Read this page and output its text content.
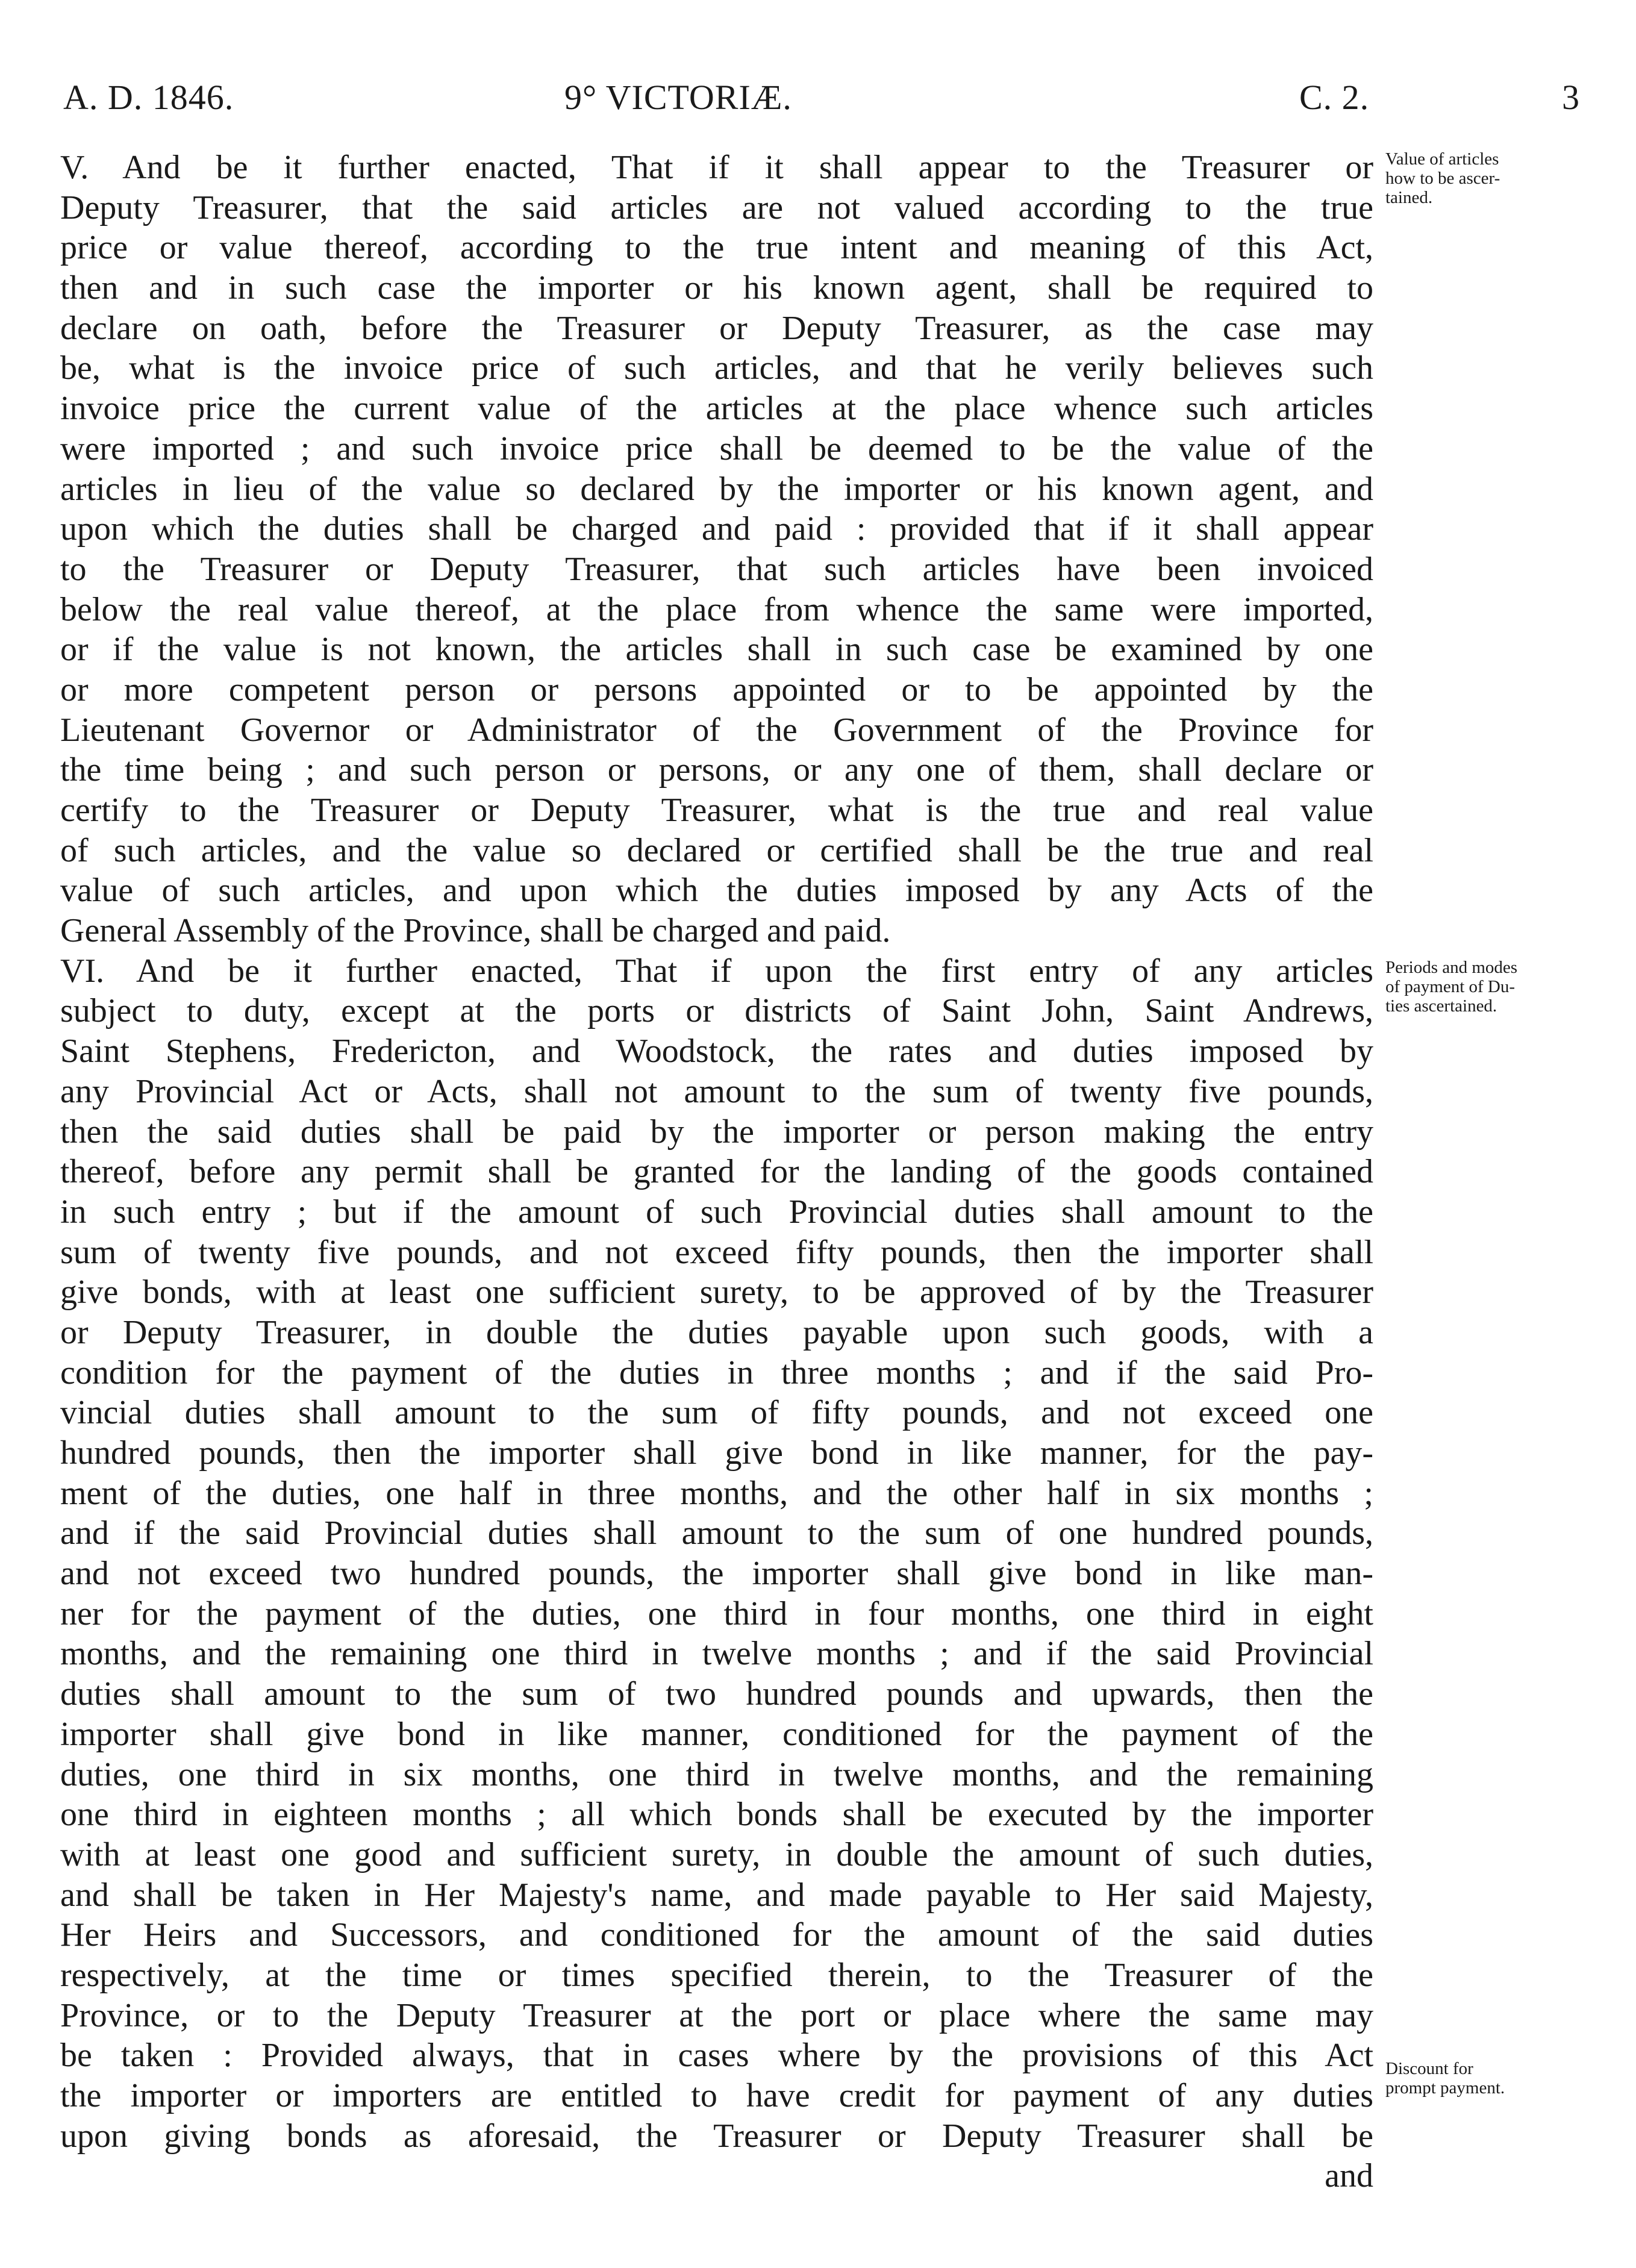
A. D. 1846.	9° VICTORIÆ.	C. 2.	3
V. And be it further enacted, That if it shall appear to the Treasurer or
Deputy Treasurer, that the said articles are not valued according to the true
price or value thereof, according to the true intent and meaning of this Act,
then and in such case the importer or his known agent, shall be required to
declare on oath, before the Treasurer or Deputy Treasurer, as the case may
be, what is the invoice price of such articles, and that he verily believes such
invoice price the current value of the articles at the place whence such articles
were imported ; and such invoice price shall be deemed to be the value of the
articles in lieu of the value so declared by the importer or his known agent, and
upon which the duties shall be charged and paid : provided that if it shall appear
to the Treasurer or Deputy Treasurer, that such articles have been invoiced
below the real value thereof, at the place from whence the same were imported,
or if the value is not known, the articles shall in such case be examined by one
or more competent person or persons appointed or to be appointed by the
Lieutenant Governor or Administrator of the Government of the Province for
the time being ; and such person or persons, or any one of them, shall declare or
certify to the Treasurer or Deputy Treasurer, what is the true and real value
of such articles, and the value so declared or certified shall be the true and real
value of such articles, and upon which the duties imposed by any Acts of the
General Assembly of the Province, shall be charged and paid.
VI. And be it further enacted, That if upon the first entry of any articles
subject to duty, except at the ports or districts of Saint John, Saint Andrews,
Saint Stephens, Fredericton, and Woodstock, the rates and duties imposed by
any Provincial Act or Acts, shall not amount to the sum of twenty five pounds,
then the said duties shall be paid by the importer or person making the entry
thereof, before any permit shall be granted for the landing of the goods contained
in such entry ; but if the amount of such Provincial duties shall amount to the
sum of twenty five pounds, and not exceed fifty pounds, then the importer shall
give bonds, with at least one sufficient surety, to be approved of by the Treasurer
or Deputy Treasurer, in double the duties payable upon such goods, with a
condition for the payment of the duties in three months ; and if the said Pro-
vincial duties shall amount to the sum of fifty pounds, and not exceed one
hundred pounds, then the importer shall give bond in like manner, for the pay-
ment of the duties, one half in three months, and the other half in six months ;
and if the said Provincial duties shall amount to the sum of one hundred pounds,
and not exceed two hundred pounds, the importer shall give bond in like man-
ner for the payment of the duties, one third in four months, one third in eight
months, and the remaining one third in twelve months ; and if the said Provincial
duties shall amount to the sum of two hundred pounds and upwards, then the
importer shall give bond in like manner, conditioned for the payment of the
duties, one third in six months, one third in twelve months, and the remaining
one third in eighteen months ; all which bonds shall be executed by the importer
with at least one good and sufficient surety, in double the amount of such duties,
and shall be taken in Her Majesty's name, and made payable to Her said Majesty,
Her Heirs and Successors, and conditioned for the amount of the said duties
respectively, at the time or times specified therein, to the Treasurer of the
Province, or to the Deputy Treasurer at the port or place where the same may
be taken : Provided always, that in cases where by the provisions of this Act
the importer or importers are entitled to have credit for payment of any duties
upon giving bonds as aforesaid, the Treasurer or Deputy Treasurer shall be
and
Value of articles
how to be ascer-
tained.
Periods and modes
of payment of Du-
ties ascertained.
Discount for
prompt payment.
